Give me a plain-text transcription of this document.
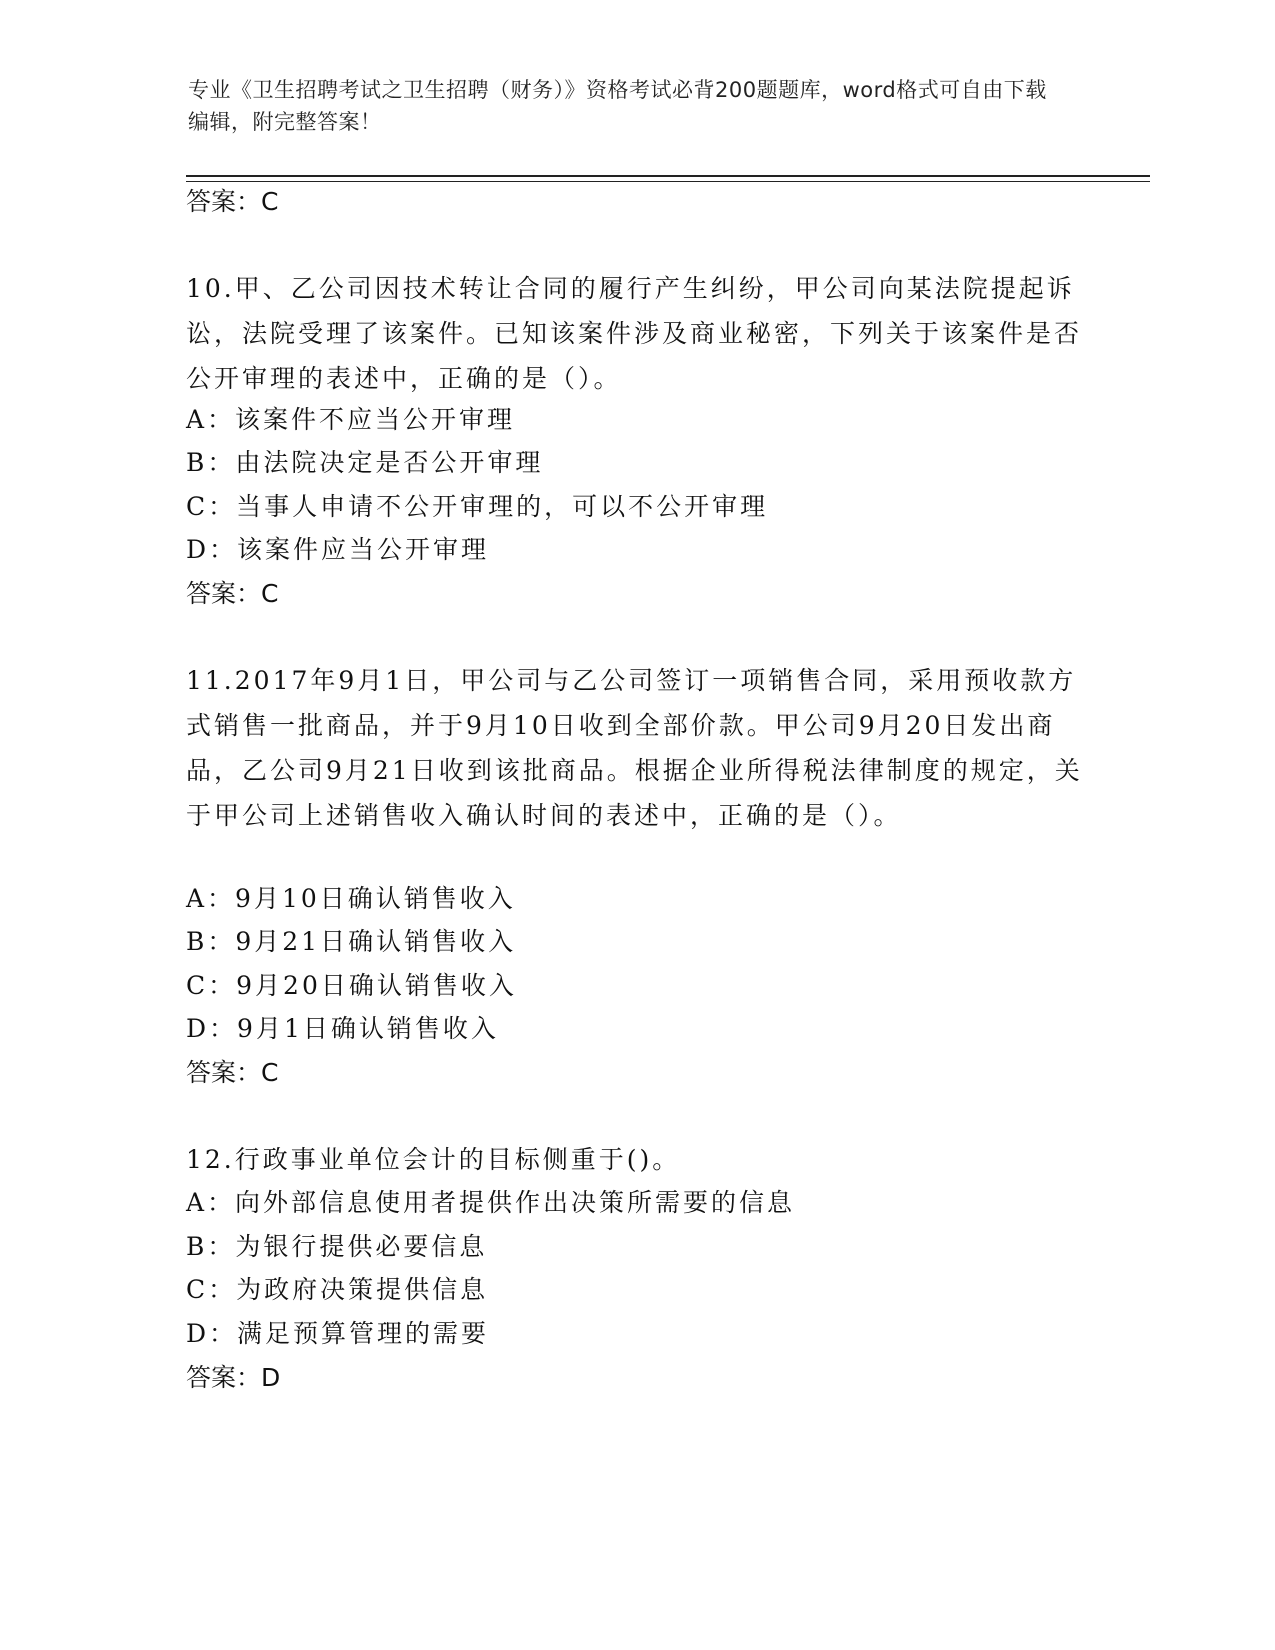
专业《卫生招聘考试之卫生招聘（财务）》资格考试必背200题题库，word格式可自由下载编辑，附完整答案！
答案：C
10.甲、乙公司因技术转让合同的履行产生纠纷，甲公司向某法院提起诉讼，法院受理了该案件。已知该案件涉及商业秘密，下列关于该案件是否公开审理的表述中，正确的是（）。
A：该案件不应当公开审理
B：由法院决定是否公开审理
C：当事人申请不公开审理的，可以不公开审理
D：该案件应当公开审理
答案：C
11.2017年9月1日，甲公司与乙公司签订一项销售合同，采用预收款方式销售一批商品，并于9月10日收到全部价款。甲公司9月20日发出商品，乙公司9月21日收到该批商品。根据企业所得税法律制度的规定，关于甲公司上述销售收入确认时间的表述中，正确的是（）。
A：9月10日确认销售收入
B：9月21日确认销售收入
C：9月20日确认销售收入
D：9月1日确认销售收入
答案：C
12.行政事业单位会计的目标侧重于()。
A：向外部信息使用者提供作出决策所需要的信息
B：为银行提供必要信息
C：为政府决策提供信息
D：满足预算管理的需要
答案：D
